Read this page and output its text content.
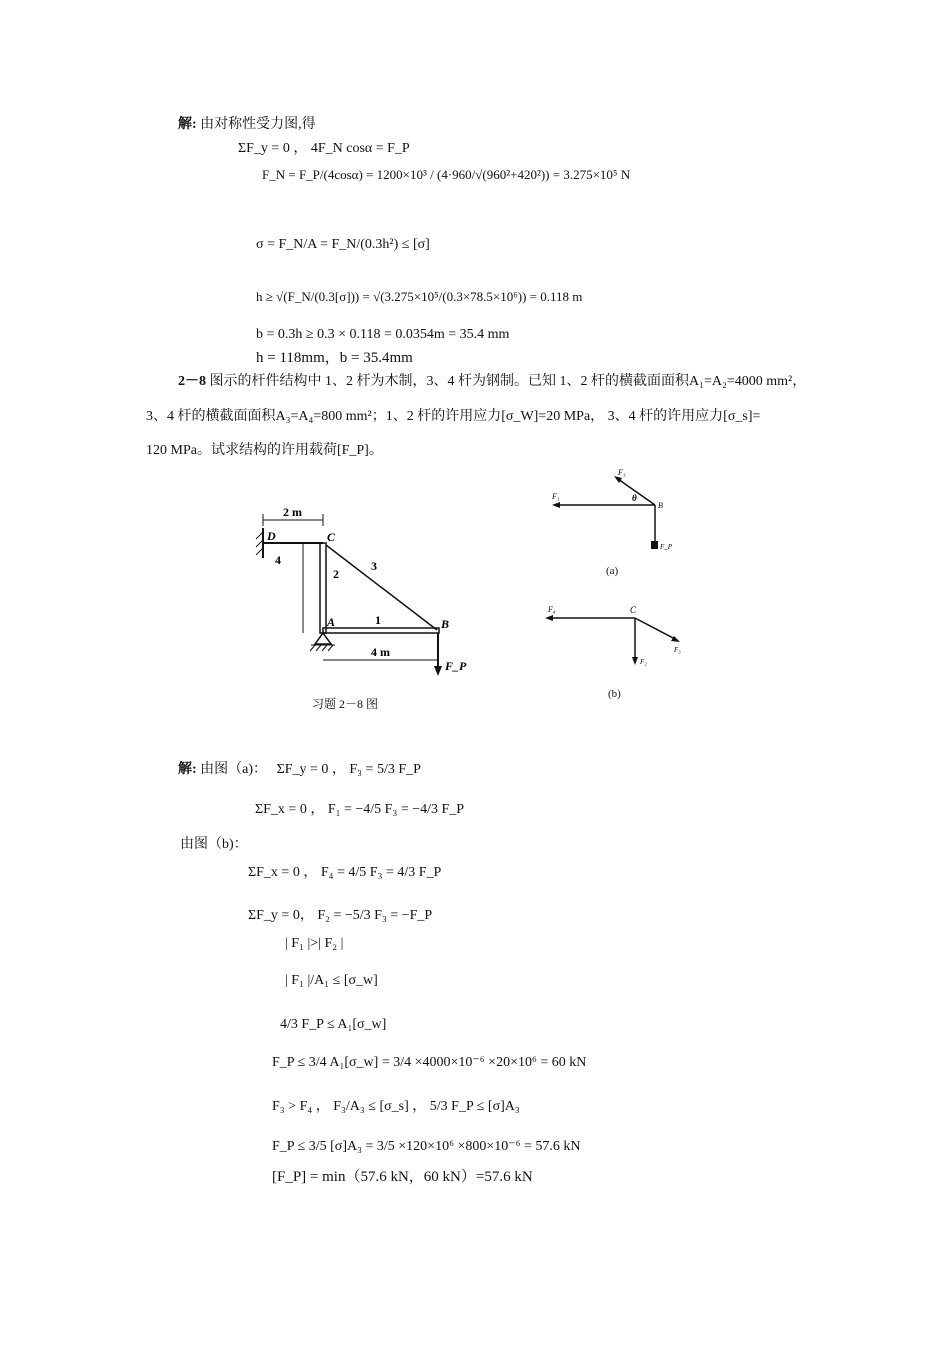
解: 由对称性受力图,得
ΣF_y = 0 ， 4F_N cosα = F_P
F_N = F_P/(4cosα) = 1200×10³ / (4·960/√(960²+420²)) = 3.275×10⁵ N
σ = F_N/A = F_N/(0.3h²) ≤ [σ]
h ≥ √(F_N/(0.3[σ])) = √(3.275×10⁵/(0.3×78.5×10⁶)) = 0.118 m
b = 0.3h ≥ 0.3 × 0.118 = 0.0354m = 35.4 mm
h = 118mm，b = 35.4mm
2－8 图示的杆件结构中 1、2 杆为木制，3、4 杆为钢制。已知 1、2 杆的横截面面积A₁=A₂=4000 mm²，
3、4 杆的横截面面积A₃=A₄=800 mm²；1、2 杆的许用应力[σ_W]=20 MPa， 3、4 杆的许用应力[σ_s]=
120 MPa。试求结构的许用载荷[F_P]。
2 m
4
D
2
C
3
1
A	B
4 m
F_P
习题 2－8 图
F₁
F₃
θ
B
F_P
(a)
F₄	C
F₂
F₃
(b)
解: 由图（a)： ΣF_y = 0 ， F₃ = 5/3 F_P
ΣF_x = 0 ， F₁ = −4/5 F₃ = −4/3 F_P
由图（b)：
ΣF_x = 0 ， F₄ = 4/5 F₃ = 4/3 F_P
ΣF_y = 0， F₂ = −5/3 F₃ = −F_P
| F₁ |>| F₂ |
| F₁ |/A₁ ≤ [σ_w]
4/3 F_P ≤ A₁[σ_w]
F_P ≤ 3/4 A₁[σ_w] = 3/4 ×4000×10⁻⁶ ×20×10⁶ = 60 kN
F₃ > F₄ ， F₃/A₃ ≤ [σ_s] ， 5/3 F_P ≤ [σ]A₃
F_P ≤ 3/5 [σ]A₃ = 3/5 ×120×10⁶ ×800×10⁻⁶ = 57.6 kN
[F_P] = min（57.6 kN，60 kN）=57.6 kN
